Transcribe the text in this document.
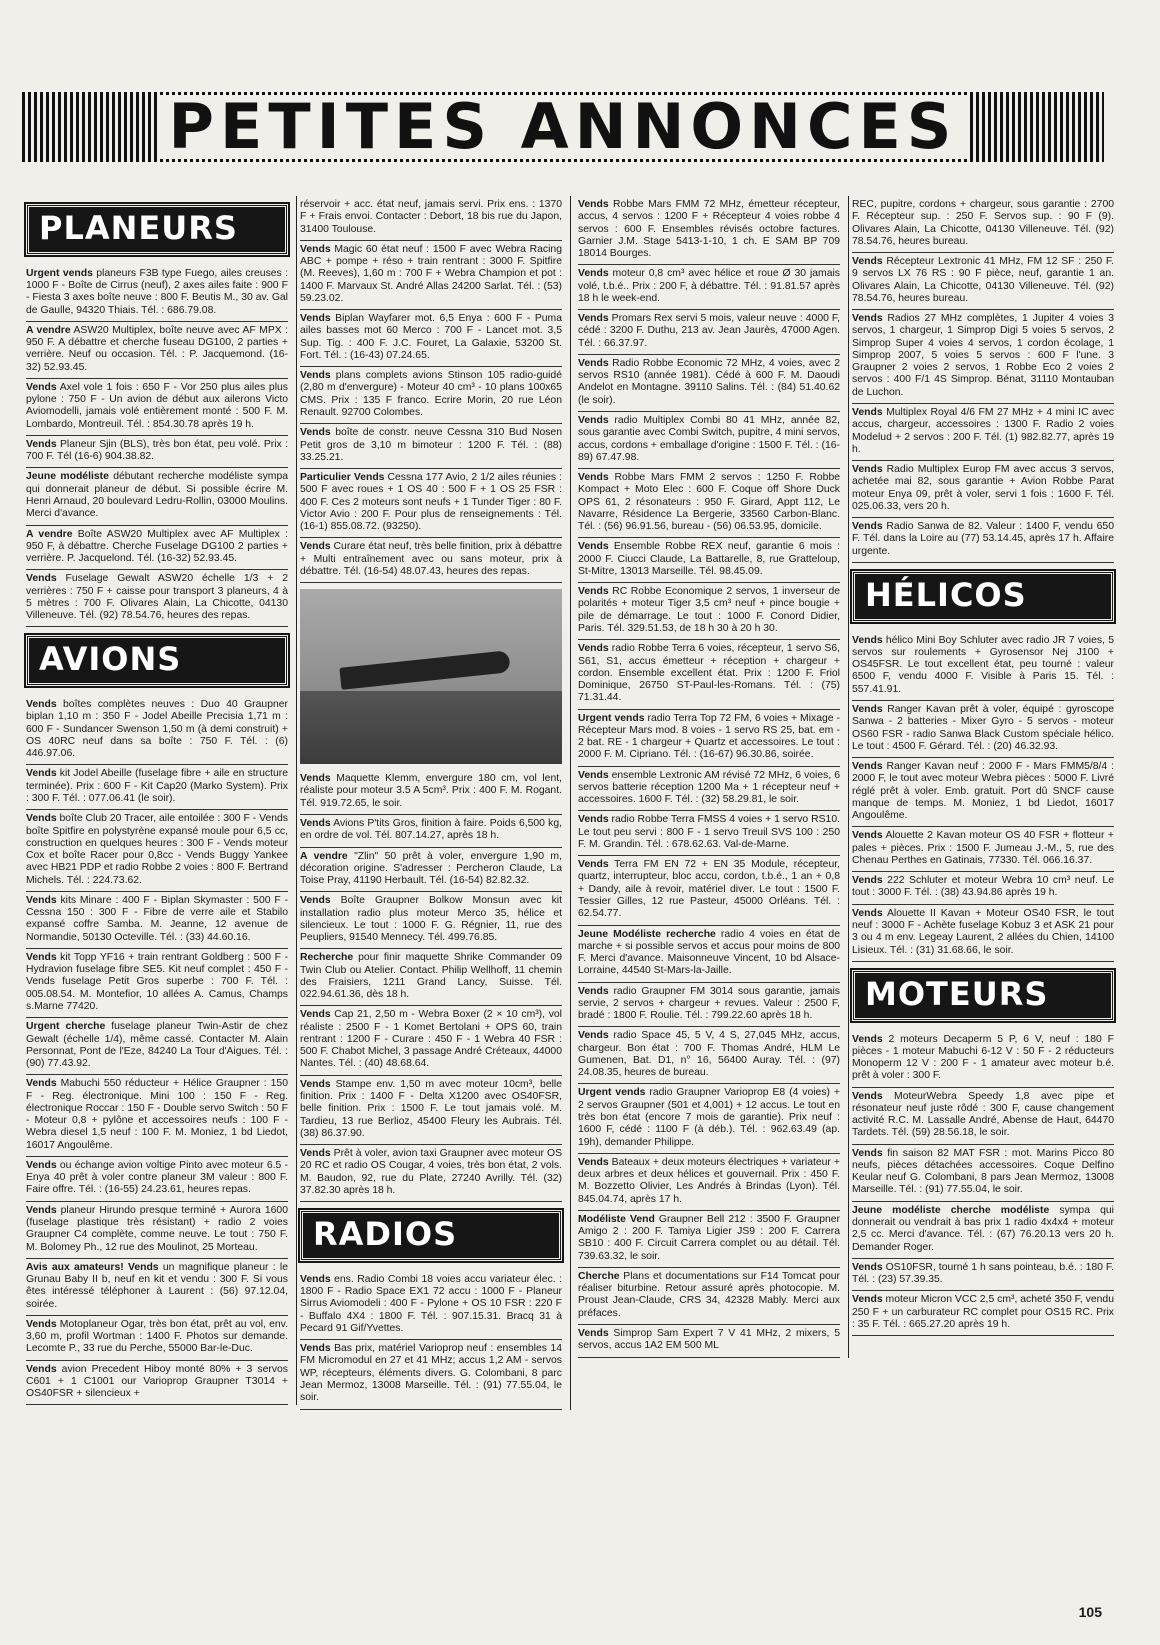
PETITES ANNONCES
PLANEURS
Urgent vends planeurs F3B type Fuego, ailes creuses : 1000 F - Boîte de Cirrus (neuf), 2 axes ailes faite : 900 F - Fiesta 3 axes boîte neuve : 800 F. Beutis M., 30 av. Gal de Gaulle, 94320 Thiais. Tél. : 686.79.08.
A vendre ASW20 Multiplex, boîte neuve avec AF MPX : 950 F. A débattre et cherche fuseau DG100, 2 parties + verrière. Neuf ou occasion. Tél. : P. Jacquemond. (16-32) 52.93.45.
Vends Axel vole 1 fois : 650 F - Vor 250 plus ailes plus pylone : 750 F - Un avion de début aux ailerons Victo Aviomodelli, jamais volé entièrement monté : 500 F. M. Lombardo, Montreuil. Tél. : 854.30.78 après 19 h.
Vends Planeur Sjin (BLS), très bon état, peu volé. Prix : 700 F. Tél (16-6) 904.38.82.
Jeune modéliste débutant recherche modéliste sympa qui donnerait planeur de début. Si possible écrire M. Henri Arnaud, 20 boulevard Ledru-Rollin, 03000 Moulins. Merci d'avance.
A vendre Boîte ASW20 Multiplex avec AF Multiplex : 950 F, à débattre. Cherche Fuselage DG100 2 parties + verrière. P. Jacquelond. Tél. (16-32) 52.93.45.
Vends Fuselage Gewalt ASW20 échelle 1/3 + 2 verrières : 750 F + caisse pour transport 3 planeurs, 4 à 5 mètres : 700 F. Olivares Alain, La Chicotte, 04130 Villeneuve. Tél. (92) 78.54.76, heures des repas.
AVIONS
Vends boîtes complètes neuves : Duo 40 Graupner biplan 1,10 m : 350 F - Jodel Abeille Precisia 1,71 m : 600 F - Sundancer Swenson 1,50 m (à demi construit) + OS 40RC neuf dans sa boîte : 750 F. Tél. : (6) 446.97.06.
Vends kit Jodel Abeille (fuselage fibre + aile en structure terminée). Prix : 600 F - Kit Cap20 (Marko System). Prix : 300 F. Tél. : 077.06.41 (le soir).
Vends boîte Club 20 Tracer, aile entoilée : 300 F - Vends boîte Spitfire en polystyrène expansé moule pour 6,5 cc, construction en quelques heures : 300 F - Vends moteur Cox et boîte Racer pour 0,8cc - Vends Buggy Yankee avec HB21 PDP et radio Robbe 2 voies : 800 F. Bertrand Michels. Tél. : 224.73.62.
Vends kits Minare : 400 F - Biplan Skymaster : 500 F - Cessna 150 : 300 F - Fibre de verre aile et Stabilo expansé coffre Samba. M. Jeanne, 12 avenue de Normandie, 50130 Octeville. Tél. : (33) 44.60.16.
Vends kit Topp YF16 + train rentrant Goldberg : 500 F - Hydravion fuselage fibre SE5. Kit neuf complet : 450 F - Vends fuselage Petit Gros superbe : 700 F. Tél. : 005.08.54. M. Montefior, 10 allées A. Camus, Champs s.Marne 77420.
Urgent cherche fuselage planeur Twin-Astir de chez Gewalt (échelle 1/4), même cassé. Contacter M. Alain Personnat, Pont de l'Eze, 84240 La Tour d'Aigues. Tél. : (90) 77.43.92.
Vends Mabuchi 550 réducteur + Hélice Graupner : 150 F - Reg. électronique. Mini 100 : 150 F - Reg. électronique Roccar : 150 F - Double servo Switch : 50 F - Moteur 0,8 + pylône et accessoires neufs : 100 F - Webra diesel 1,5 neuf : 100 F. M. Moniez, 1 bd Liedot, 16017 Angoulême.
Vends ou échange avion voltige Pinto avec moteur 6.5 - Enya 40 prêt à voler contre planeur 3M valeur : 800 F. Faire offre. Tél. : (16-55) 24.23.61, heures repas.
Vends planeur Hirundo presque terminé + Aurora 1600 (fuselage plastique très résistant) + radio 2 voies Graupner C4 complète, comme neuve. Le tout : 750 F. M. Bolomey Ph., 12 rue des Moulinot, 25 Morteau.
Avis aux amateurs! Vends un magnifique planeur : le Grunau Baby II b, neuf en kit et vendu : 300 F. Si vous êtes intéressé téléphoner à Laurent : (56) 97.12.04, soirée.
Vends Motoplaneur Ogar, très bon état, prêt au vol, env. 3,60 m, profil Wortman : 1400 F. Photos sur demande. Lecomte P., 33 rue du Perche, 55000 Bar-le-Duc.
Vends avion Precedent Hiboy monté 80% + 3 servos C601 + 1 C1001 our Varioprop Graupner T3014 + OS40FSR + silencieux +
réservoir + acc. état neuf, jamais servi. Prix ens. : 1370 F + Frais envoi. Contacter : Debort, 18 bis rue du Japon, 31400 Toulouse.
Vends Magic 60 état neuf : 1500 F avec Webra Racing ABC + pompe + réso + train rentrant : 3000 F. Spitfire (M. Reeves), 1,60 m : 700 F + Webra Champion et pot : 1400 F. Marvaux St. André Allas 24200 Sarlat. Tél. : (53) 59.23.02.
Vends Biplan Wayfarer mot. 6,5 Enya : 600 F - Puma ailes basses mot 60 Merco : 700 F - Lancet mot. 3,5 Sup. Tig. : 400 F. J.C. Fouret, La Galaxie, 53200 St. Fort. Tél. : (16-43) 07.24.65.
Vends plans complets avions Stinson 105 radio-guidé (2,80 m d'envergure) - Moteur 40 cm³ - 10 plans 100x65 CMS. Prix : 135 F franco. Ecrire Morin, 20 rue Léon Renault. 92700 Colombes.
Vends boîte de constr. neuve Cessna 310 Bud Nosen Petit gros de 3,10 m bimoteur : 1200 F. Tél. : (88) 33.25.21.
Particulier Vends Cessna 177 Avio, 2 1/2 ailes réunies : 500 F avec roues + 1 OS 40 : 500 F + 1 OS 25 FSR : 400 F. Ces 2 moteurs sont neufs + 1 Tunder Tiger : 80 F. Victor Avio : 200 F. Pour plus de renseignements : Tél. (16-1) 855.08.72. (93250).
Vends Curare état neuf, très belle finition, prix à débattre + Multi entraînement avec ou sans moteur, prix à débattre. Tél. (16-54) 48.07.43, heures des repas.
Vends Maquette Klemm, envergure 180 cm, vol lent, réaliste pour moteur 3.5 A 5cm³. Prix : 400 F. M. Rogant. Tél. 919.72.65, le soir.
Vends Avions P'tits Gros, finition à faire. Poids 6,500 kg, en ordre de vol. Tél. 807.14.27, après 18 h.
A vendre "Zlin" 50 prêt à voler, envergure 1,90 m, décoration origine. S'adresser : Percheron Claude, La Toise Pray, 41190 Herbault. Tél. (16-54) 82.82.32.
Vends Boîte Graupner Bolkow Monsun avec kit installation radio plus moteur Merco 35, hélice et silencieux. Le tout : 1000 F. G. Régnier, 11, rue des Peupliers, 91540 Mennecy. Tél. 499.76.85.
Recherche pour finir maquette Shrike Commander 09 Twin Club ou Atelier. Contact. Philip Wellhoff, 11 chemin des Fraisiers, 1211 Grand Lancy, Suisse. Tél. 022.94.61.36, dès 18 h.
Vends Cap 21, 2,50 m - Webra Boxer (2 × 10 cm³), vol réaliste : 2500 F - 1 Komet Bertolani + OPS 60, train rentrant : 1200 F - Curare : 450 F - 1 Webra 40 FSR : 500 F. Chabot Michel, 3 passage André Créteaux, 44000 Nantes. Tél. : (40) 48.68.64.
Vends Stampe env. 1,50 m avec moteur 10cm³, belle finition. Prix : 1400 F - Delta X1200 avec OS40FSR, belle finition. Prix : 1500 F. Le tout jamais volé. M. Tardieu, 13 rue Berlioz, 45400 Fleury les Aubrais. Tél. (38) 86.37.90.
Vends Prêt à voler, avion taxi Graupner avec moteur OS 20 RC et radio OS Cougar, 4 voies, très bon état, 2 vols. M. Baudon, 92, rue du Plate, 27240 Avrilly. Tél. (32) 37.82.30 après 18 h.
RADIOS
Vends ens. Radio Combi 18 voies accu variateur élec. : 1800 F - Radio Space EX1 72 accu : 1000 F - Planeur Sirrus Aviomodeli : 400 F - Pylone + OS 10 FSR : 220 F - Buffalo 4X4 : 1800 F. Tél. : 907.15.31. Bracq 31 à Pecard 91 Gif/Yvettes.
Vends Bas prix, matériel Varioprop neuf : ensembles 14 FM Micromodul en 27 et 41 MHz; accus 1,2 AM - servos WP, récepteurs, éléments divers. G. Colombani, 8 parc Jean Mermoz, 13008 Marseille. Tél. : (91) 77.55.04, le soir.
Vends Robbe Mars FMM 72 MHz, émetteur récepteur, accus, 4 servos : 1200 F + Récepteur 4 voies robbe 4 servos : 600 F. Ensembles révisés octobre factures. Garnier J.M. Stage 5413-1-10, 1 ch. E SAM BP 709 18014 Bourges.
Vends moteur 0,8 cm³ avec hélice et roue Ø 30 jamais volé, t.b.é.. Prix : 200 F, à débattre. Tél. : 91.81.57 après 18 h le week-end.
Vends Promars Rex servi 5 mois, valeur neuve : 4000 F, cédé : 3200 F. Duthu, 213 av. Jean Jaurès, 47000 Agen. Tél. : 66.37.97.
Vends Radio Robbe Economic 72 MHz, 4 voies, avec 2 servos RS10 (année 1981). Cédé à 600 F. M. Daoudi Andelot en Montagne. 39110 Salins. Tél. : (84) 51.40.62 (le soir).
Vends radio Multiplex Combi 80 41 MHz, année 82, sous garantie avec Combi Switch, pupitre, 4 mini servos, accus, cordons + emballage d'origine : 1500 F. Tél. : (16-89) 67.47.98.
Vends Robbe Mars FMM 2 servos : 1250 F. Robbe Kompact + Moto Elec : 600 F. Coque off Shore Duck OPS 61, 2 résonateurs : 950 F. Girard, Appt 112, Le Navarre, Résidence La Bergerie, 33560 Carbon-Blanc. Tél. : (56) 96.91.56, bureau - (56) 06.53.95, domicile.
Vends Ensemble Robbe REX neuf, garantie 6 mois : 2000 F. Ciucci Claude, La Battarelle, 8, rue Gratteloup, St-Mitre, 13013 Marseille. Tél. 98.45.09.
Vends RC Robbe Economique 2 servos, 1 inverseur de polarités + moteur Tiger 3,5 cm³ neuf + pince bougie + pile de démarrage. Le tout : 1000 F. Conord Didier, Paris. Tél. 329.51.53, de 18 h 30 à 20 h 30.
Vends radio Robbe Terra 6 voies, récepteur, 1 servo S6, S61, S1, accus émetteur + réception + chargeur + cordon. Ensemble excellent état. Prix : 1200 F. Friol Dominique, 26750 ST-Paul-les-Romans. Tél. : (75) 71.31.44.
Urgent vends radio Terra Top 72 FM, 6 voies + Mixage - Récepteur Mars mod. 8 voies - 1 servo RS 25, bat. em - 2 bat. RE - 1 chargeur + Quartz et accessoires. Le tout : 2000 F. M. Cipriano. Tél. : (16-67) 96.30.86, soirée.
Vends ensemble Lextronic AM révisé 72 MHz, 6 voies, 6 servos batterie réception 1200 Ma + 1 récepteur neuf + accessoires. 1600 F. Tél. : (32) 58.29.81, le soir.
Vends radio Robbe Terra FMSS 4 voies + 1 servo RS10. Le tout peu servi : 800 F - 1 servo Treuil SVS 100 : 250 F. M. Grandin. Tél. : 678.62.63. Val-de-Marne.
Vends Terra FM EN 72 + EN 35 Module, récepteur, quartz, interrupteur, bloc accu, cordon, t.b.é., 1 an + 0,8 + Dandy, aile à revoir, matériel diver. Le tout : 1500 F. Tessier Gilles, 12 rue Pasteur, 45000 Orléans. Tél. : 62.54.77.
Jeune Modéliste recherche radio 4 voies en état de marche + si possible servos et accus pour moins de 800 F. Merci d'avance. Maisonneuve Vincent, 10 bd Alsace-Lorraine, 44540 St-Mars-la-Jaille.
Vends radio Graupner FM 3014 sous garantie, jamais servie, 2 servos + chargeur + revues. Valeur : 2500 F, bradé : 1800 F. Roulie. Tél. : 799.22.60 après 18 h.
Vends radio Space 45, 5 V, 4 S, 27,045 MHz, accus, chargeur. Bon état : 700 F. Thomas André, HLM Le Gumenen, Bat. D1, n° 16, 56400 Auray. Tél. : (97) 24.08.35, heures de bureau.
Urgent vends radio Graupner Varioprop E8 (4 voies) + 2 servos Graupner (501 et 4,001) + 12 accus. Le tout en très bon état (encore 7 mois de garantie). Prix neuf : 1600 F, cédé : 1100 F (à déb.). Tél. : 962.63.49 (ap. 19h), demander Philippe.
Vends Bateaux + deux moteurs électriques + variateur + deux arbres et deux hélices et gouvernail. Prix : 450 F. M. Bozzetto Olivier, Les Andrés à Brindas (Lyon). Tél. 845.04.74, après 17 h.
Modéliste Vend Graupner Bell 212 : 3500 F. Graupner Amigo 2 : 200 F. Tamiya Ligier JS9 : 200 F. Carrera SB10 : 400 F. Circuit Carrera complet ou au détail. Tél. 739.63.32, le soir.
Cherche Plans et documentations sur F14 Tomcat pour réaliser biturbine. Retour assuré après photocopie. M. Proust Jean-Claude, CRS 34, 42328 Mably. Merci aux préfaces.
Vends Simprop Sam Expert 7 V 41 MHz, 2 mixers, 5 servos, accus 1A2 EM 500 ML
REC, pupitre, cordons + chargeur, sous garantie : 2700 F. Récepteur sup. : 250 F. Servos sup. : 90 F (9). Olivares Alain, La Chicotte, 04130 Villeneuve. Tél. (92) 78.54.76, heures bureau.
Vends Récepteur Lextronic 41 MHz, FM 12 SF : 250 F. 9 servos LX 76 RS : 90 F pièce, neuf, garantie 1 an. Olivares Alain, La Chicotte, 04130 Villeneuve. Tél. (92) 78.54.76, heures bureau.
Vends Radios 27 MHz complètes, 1 Jupiter 4 voies 3 servos, 1 chargeur, 1 Simprop Digi 5 voies 5 servos, 2 Simprop Super 4 voies 4 servos, 1 cordon écolage, 1 Simprop 2007, 5 voies 5 servos : 600 F l'une. 3 Graupner 2 voies 2 servos, 1 Robbe Eco 2 voies 2 servos : 400 F/1 4S Simprop. Bénat, 31110 Montauban de Luchon.
Vends Multiplex Royal 4/6 FM 27 MHz + 4 mini IC avec accus, chargeur, accessoires : 1300 F. Radio 2 voies Modelud + 2 servos : 200 F. Tél. (1) 982.82.77, après 19 h.
Vends Radio Multiplex Europ FM avec accus 3 servos, achetée mai 82, sous garantie + Avion Robbe Parat moteur Enya 09, prêt à voler, servi 1 fois : 1600 F. Tél. 025.06.33, vers 20 h.
Vends Radio Sanwa de 82. Valeur : 1400 F, vendu 650 F. Tél. dans la Loire au (77) 53.14.45, après 17 h. Affaire urgente.
HÉLICOS
Vends hélico Mini Boy Schluter avec radio JR 7 voies, 5 servos sur roulements + Gyrosensor Nej J100 + OS45FSR. Le tout excellent état, peu tourné : valeur 6500 F, vendu 4000 F. Visible à Paris 15. Tél. : 557.41.91.
Vends Ranger Kavan prêt à voler, équipé : gyroscope Sanwa - 2 batteries - Mixer Gyro - 5 servos - moteur OS60 FSR - radio Sanwa Black Custom spéciale hélico. Le tout : 4500 F. Gérard. Tél. : (20) 46.32.93.
Vends Ranger Kavan neuf : 2000 F - Mars FMM5/8/4 : 2000 F, le tout avec moteur Webra pièces : 5000 F. Livré réglé prêt à voler. Emb. gratuit. Port dû SNCF cause manque de temps. M. Moniez, 1 bd Liedot, 16017 Angoulême.
Vends Alouette 2 Kavan moteur OS 40 FSR + flotteur + pales + pièces. Prix : 1500 F. Jumeau J.-M., 5, rue des Chenau Perthes en Gatinais, 77330. Tél. 066.16.37.
Vends 222 Schluter et moteur Webra 10 cm³ neuf. Le tout : 3000 F. Tél. : (38) 43.94.86 après 19 h.
Vends Alouette II Kavan + Moteur OS40 FSR, le tout neuf : 3000 F - Achète fuselage Kobuz 3 et ASK 21 pour 3 ou 4 m env. Legeay Laurent, 2 allées du Chien, 14100 Lisieux. Tél. : (31) 31.68.66, le soir.
MOTEURS
Vends 2 moteurs Decaperm 5 P, 6 V, neuf : 180 F pièces - 1 moteur Mabuchi 6-12 V : 50 F - 2 réducteurs Monoperm 12 V : 200 F - 1 amateur avec moteur b.é. prêt à voler : 300 F.
Vends MoteurWebra Speedy 1,8 avec pipe et résonateur neuf juste rôdé : 300 F, cause changement activité R.C. M. Lassalle André, Abense de Haut, 64470 Tardets. Tél. (59) 28.56.18, le soir.
Vends fin saison 82 MAT FSR : mot. Marins Picco 80 neufs, pièces détachées accessoires. Coque Delfino Keular neuf G. Colombani, 8 pars Jean Mermoz, 13008 Marseille. Tél. : (91) 77.55.04, le soir.
Jeune modéliste cherche modéliste sympa qui donnerait ou vendrait à bas prix 1 radio 4x4x4 + moteur 2,5 cc. Merci d'avance. Tél. : (67) 76.20.13 vers 20 h. Demander Roger.
Vends OS10FSR, tourné 1 h sans pointeau, b.é. : 180 F. Tél. : (23) 57.39.35.
Vends moteur Micron VCC 2,5 cm³, acheté 350 F, vendu 250 F + un carburateur RC complet pour OS15 RC. Prix : 35 F. Tél. : 665.27.20 après 19 h.
105
